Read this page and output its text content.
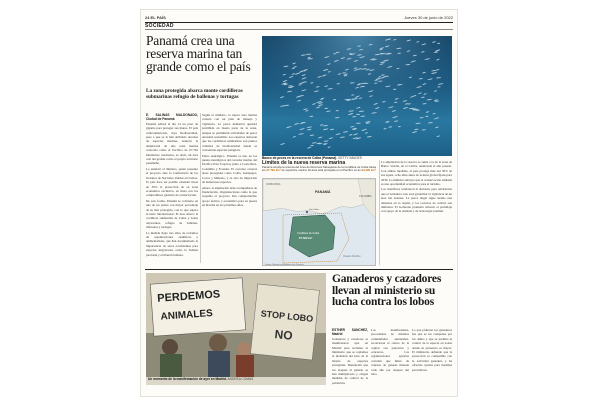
24 EL PAÍS	Jueves 30 de junio de 2022
SOCIEDAD
Panamá crea una reserva marina tan grande como el país
La zona protegida abarca monte cordilleras submarinas refugio de ballenas y tortugas
E. SALINAS MALDONADO, Ciudad de Panamá
Panamá sellará el día 14 un paso de gigante para proteger sus mares. El país centroamericano, cuya biodiversidad, pese a que se le han atribuido decenas de especies marinas, anunció la ampliación de una zona marina conocida como el Pacífico de 67.792 kilómetros cuadrados, es decir, un área casi tan grande como el propio territorio panameño.
Lo anunció el ministro, quien presentó el proyecto ante la Conferencia de los Océanos de Naciones Unidas en Lisboa. El país hace así posible extender hasta en 30% la protección de su zona económica exclusiva, en línea con los compromisos globales de conservación.
De esta forma, Panamá se convierte en uno de los países con mayor porcentaje de su mar protegido, con lo que supera la meta internacional. El área abarca la cordillera submarina de Coiba y zonas adyacentes, refugio de ballenas, tiburones y tortugas.
La medida llega tras años de reclamos de organizaciones científicas y ambientalistas, que han documentado la importancia de estos ecosistemas para especies migratorias como la ballena jorobada y el tiburón ballena.
Según el ministro, la nueva área marina contará con un plan de manejo y vigilancia. La pesca industrial quedará prohibida en buena parte de la zona, aunque se permitirán actividades de pesca artesanal sostenible. Los expertos destacan que las cordilleras submarinas son puntos calientes de biodiversidad donde se concentran especies pelágicas.
Punto neurálgico. Panamá es uno de los puntos neurálgicos del corredor marino del Pacífico Este Tropical, junto a Costa Rica, Colombia y Ecuador. El corredor conecta áreas protegidas como Coiba, Galápagos, Cocos y Malpelo, y es ruta de migración de numerosas especies.
Ahora, la ampliación debe acompañarse de financiación. Organizaciones como la que respalda el proyecto han comprometido apoyo técnico y económico para su puesta en marcha en los próximos años.
Banco de peces en la reserva de Coiba (Panamá). GETTY IMAGES
Límites de la nueva reserva marina
Panamá amplía la reserva del Área de Recursos Manejados de la Cordillera de Coiba hasta los 67.792 km² de superficie marina. El área total protegida en el Pacífico es de 93.390 km²
PANAMÁ
COSTA RICA
COLOMBIA
Isla Coiba
Cordillera de Coiba
67.792 km²
Océano Pacífico
Fuente: Ministerio de Ambiente de Panamá.
La ampliación de la reserva se suma a la de la zona de Banco Volcán, en el Caribe, anunciada el año pasado. Con ambas medidas, el país protege más del 30% de sus aguas, ocho años antes de la meta global fijada para 2030. La ministra subrayó que la conservación también es una oportunidad económica para el turismo.
Los científicos celebraron la decisión, pero advirtieron que el verdadero reto será garantizar la vigilancia de un área tan extensa. La pesca ilegal sigue siendo una amenaza en la región, y los recursos de control son limitados. El Gobierno prometió reforzar el patrullaje con apoyo de la Armada y de tecnología satelital.
PERDEMOS
ANIMALES	STOP LOBO
NO
Un momento de la manifestación de ayer en Madrid. ANDREA COMAS
Ganaderos y cazadores llevan al ministerio su lucha contra los lobos
ESTHER SÁNCHEZ, Madrid
Ganaderos y cazadores se manifestaron ayer en Madrid para reclamar al ministerio que se replantee la inclusión del lobo en el listado de especies protegidas. Denuncian que los ataques al ganado se han multiplicado y exigen medidas de control de la población.
Los manifestantes, procedentes de distintas comunidades autónomas, recorrieron el centro de la capital con pancartas y cencerros. Las organizaciones agrarias calculan que miles de cabezas de ganado mueren cada año por ataques del lobo.
Lo que pidieron los ganaderos fue que se les compense por los daños y que se permita el control de la especie en zonas donde su presencia es mayor. El ministerio defiende que la protección es compatible con la actividad ganadera y ha ofrecido ayudas para medidas preventivas.
